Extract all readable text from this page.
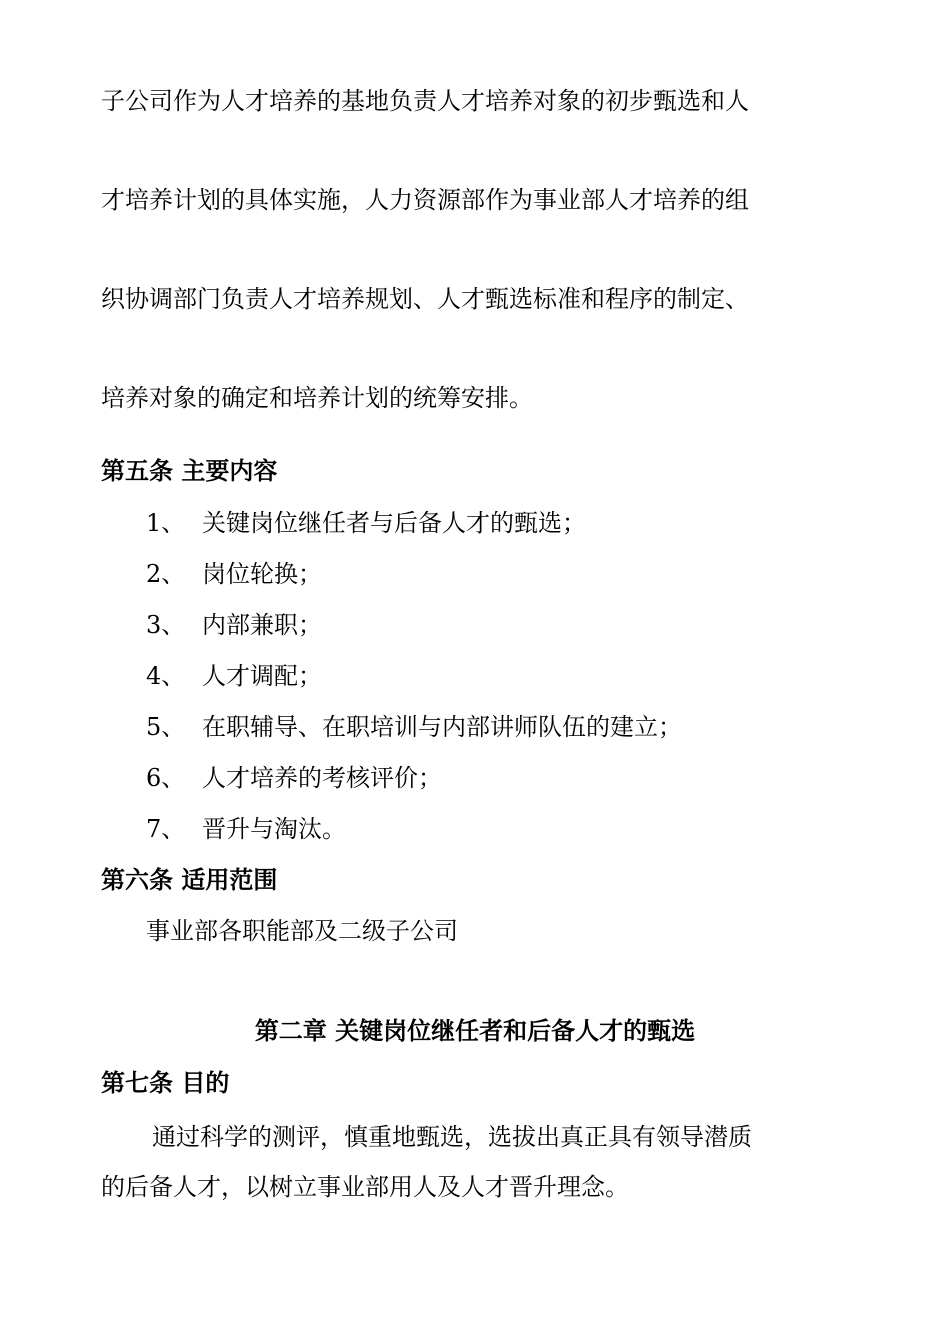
子公司作为人才培养的基地负责人才培养对象的初步甄选和人
才培养计划的具体实施，人力资源部作为事业部人才培养的组
织协调部门负责人才培养规划、人才甄选标准和程序的制定、
培养对象的确定和培养计划的统筹安排。
第五条 主要内容
1、 关键岗位继任者与后备人才的甄选；
2、 岗位轮换；
3、 内部兼职；
4、 人才调配；
5、 在职辅导、在职培训与内部讲师队伍的建立；
6、 人才培养的考核评价；
7、 晋升与淘汰。
第六条 适用范围
事业部各职能部及二级子公司
第二章 关键岗位继任者和后备人才的甄选
第七条 目的
通过科学的测评，慎重地甄选，选拔出真正具有领导潜质
的后备人才，以树立事业部用人及人才晋升理念。
